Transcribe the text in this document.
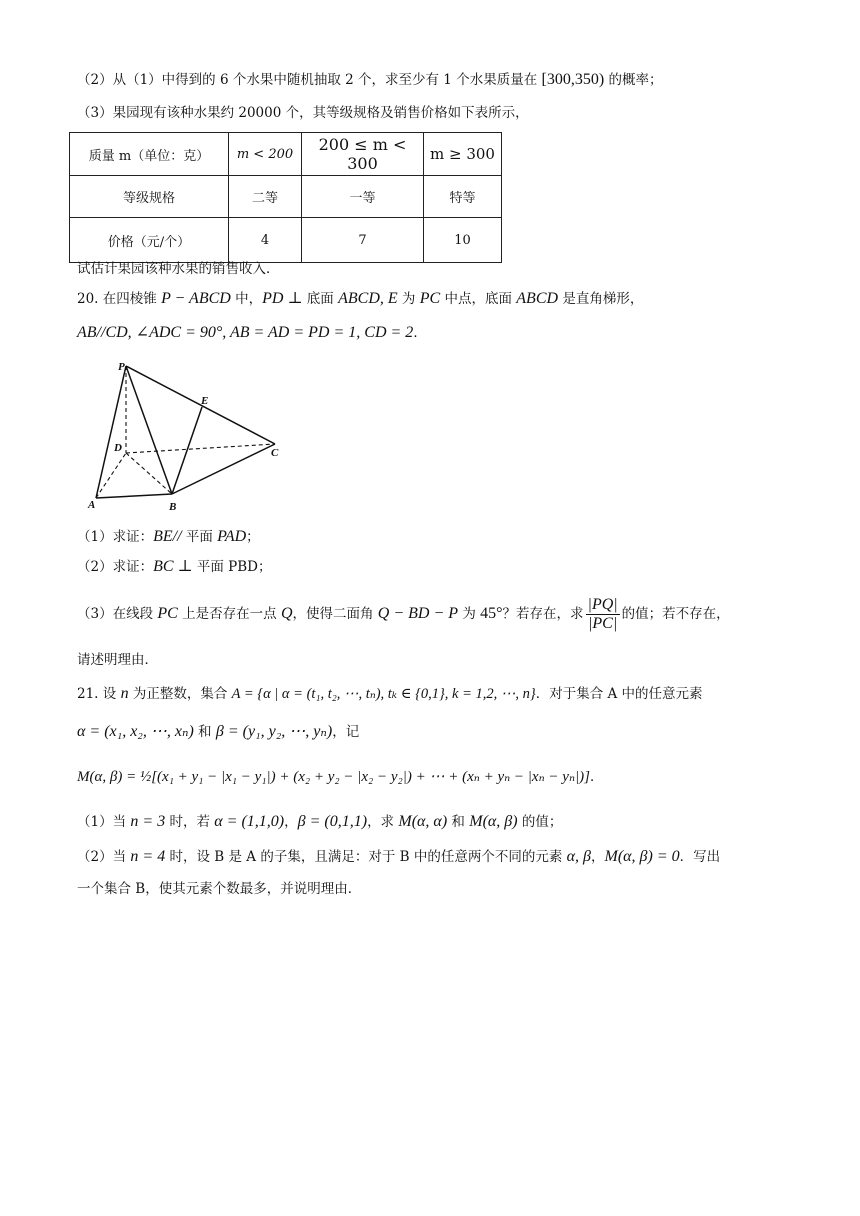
（2）从（1）中得到的 6 个水果中随机抽取 2 个，求至少有 1 个水果质量在 [300,350) 的概率；
（3）果园现有该种水果约 20000 个，其等级规格及销售价格如下表所示，
质量 m（单位：克）	m < 200	200 ≤ m < 300	m ≥ 300
等级规格	二等	一等	特等
价格（元/个）	4	7	10
试估计果园该种水果的销售收入．
20. 在四棱锥 P − ABCD 中，PD ⊥ 底面 ABCD, E 为 PC 中点，底面 ABCD 是直角梯形，
AB//CD, ∠ADC = 90°, AB = AD = PD = 1, CD = 2．
P
E
D	C
A	B
（1）求证：BE// 平面 PAD；
（2）求证：BC ⊥ 平面 PBD；
（3）在线段 PC 上是否存在一点 Q，使得二面角 Q − BD − P 为 45°？若存在，求 $\frac{|PQ|}{|PC|}$ 的值；若不存在，
请述明理由．
21. 设 n 为正整数，集合 A = {α | α = (t₁, t₂, ⋯, tₙ), tₖ ∈ {0,1}, k = 1,2, ⋯, n}．对于集合 A 中的任意元素
α = (x₁, x₂, ⋯, xₙ) 和 β = (y₁, y₂, ⋯, yₙ)，记
M(α, β) = ½[(x₁ + y₁ − |x₁ − y₁|) + (x₂ + y₂ − |x₂ − y₂|) + ⋯ + (xₙ + yₙ − |xₙ − yₙ|)]．
（1）当 n = 3 时，若 α = (1,1,0)，β = (0,1,1)，求 M(α, α) 和 M(α, β) 的值；
（2）当 n = 4 时，设 B 是 A 的子集，且满足：对于 B 中的任意两个不同的元素 α, β，M(α, β) = 0．写出
一个集合 B，使其元素个数最多，并说明理由．
